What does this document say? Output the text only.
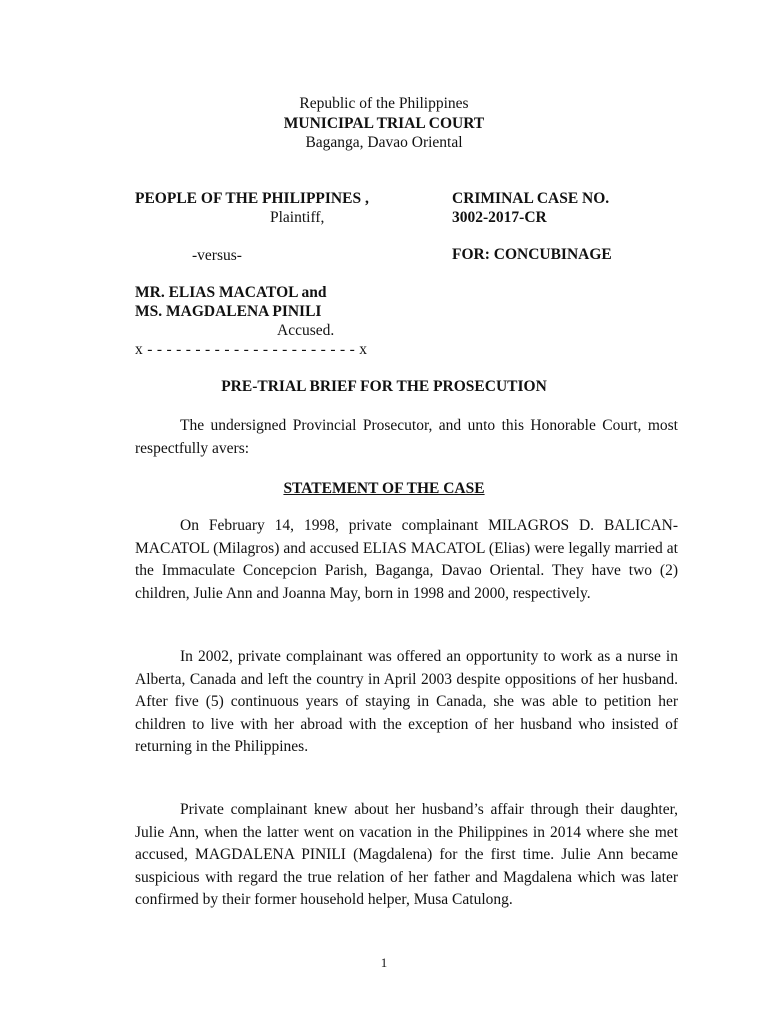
Republic of the Philippines
MUNICIPAL TRIAL COURT
Baganga, Davao Oriental
PEOPLE OF THE PHILIPPINES ,
Plaintiff,
-versus-
MR. ELIAS MACATOL and
MS. MAGDALENA PINILI
Accused.
x - - - - - - - - - - - - - - - - - - - - - - x
CRIMINAL CASE NO.
3002-2017-CR
FOR: CONCUBINAGE
PRE-TRIAL BRIEF FOR THE PROSECUTION

The undersigned Provincial Prosecutor, and unto this Honorable Court, most respectfully avers:

STATEMENT OF THE CASE

On February 14, 1998, private complainant MILAGROS D. BALICAN-MACATOL (Milagros) and accused ELIAS MACATOL (Elias) were legally married at the Immaculate Concepcion Parish, Baganga, Davao Oriental. They have two (2) children, Julie Ann and Joanna May, born in 1998 and 2000, respectively.

In 2002, private complainant was offered an opportunity to work as a nurse in Alberta, Canada and left the country in April 2003 despite oppositions of her husband. After five (5) continuous years of staying in Canada, she was able to petition her children to live with her abroad with the exception of her husband who insisted of returning in the Philippines.

Private complainant knew about her husband’s affair through their daughter, Julie Ann, when the latter went on vacation in the Philippines in 2014 where she met accused, MAGDALENA PINILI (Magdalena) for the first time. Julie Ann became suspicious with regard the true relation of her father and Magdalena which was later confirmed by their former household helper, Musa Catulong.

1
